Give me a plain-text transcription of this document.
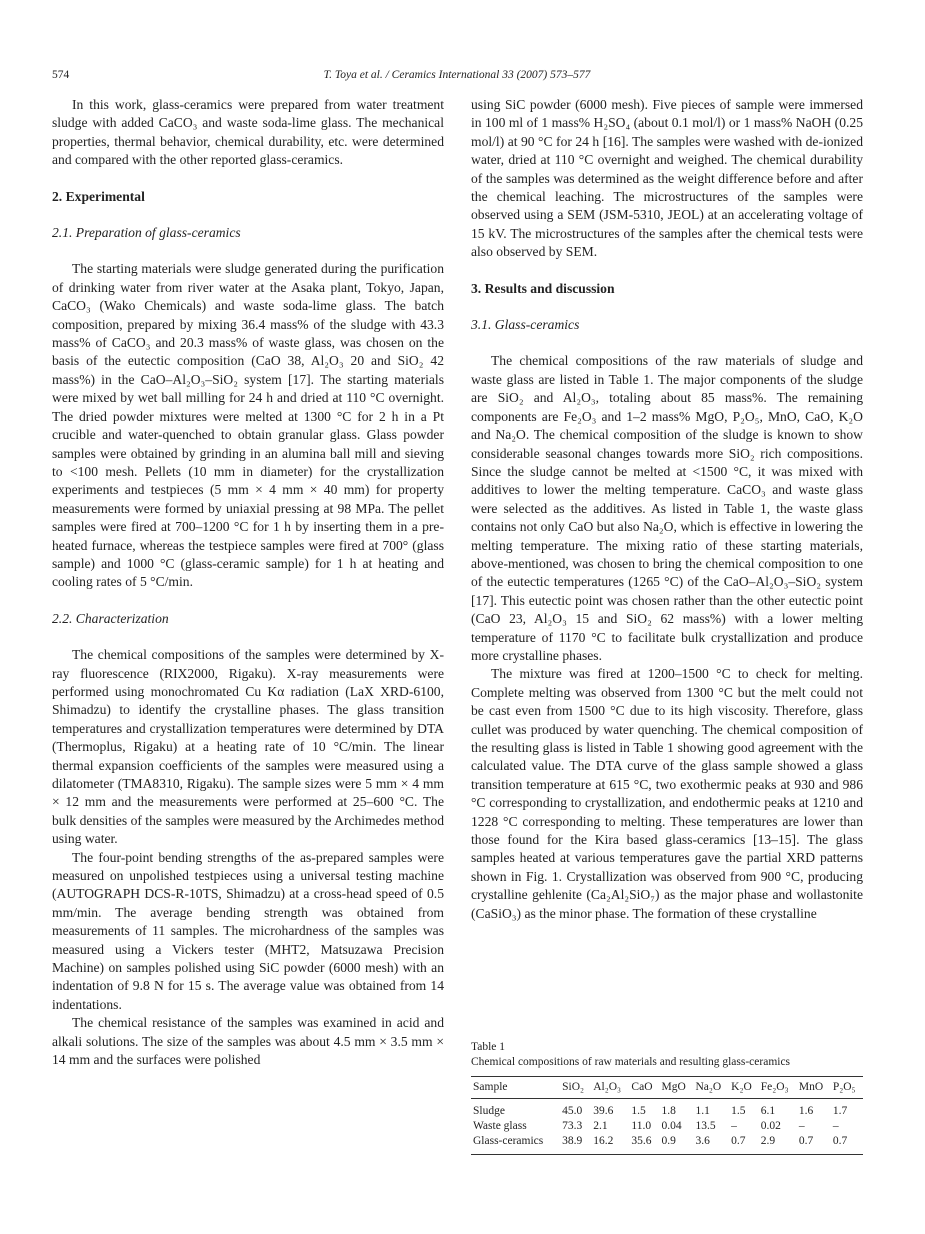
574	T. Toya et al. / Ceramics International 33 (2007) 573–577

In this work, glass-ceramics were prepared from water treatment sludge with added CaCO₃ and waste soda-lime glass. The mechanical properties, thermal behavior, chemical durability, etc. were determined and compared with the other reported glass-ceramics.

2. Experimental
2.1. Preparation of glass-ceramics

The starting materials were sludge generated during the purification of drinking water from river water at the Asaka plant, Tokyo, Japan, CaCO₃ (Wako Chemicals) and waste soda-lime glass. The batch composition, prepared by mixing 36.4 mass% of the sludge with 43.3 mass% of CaCO₃ and 20.3 mass% of waste glass, was chosen on the basis of the eutectic composition (CaO 38, Al₂O₃ 20 and SiO₂ 42 mass%) in the CaO–Al₂O₃–SiO₂ system [17]. The starting materials were mixed by wet ball milling for 24 h and dried at 110 °C overnight. The dried powder mixtures were melted at 1300 °C for 2 h in a Pt crucible and water-quenched to obtain granular glass. Glass powder samples were obtained by grinding in an alumina ball mill and sieving to <100 mesh. Pellets (10 mm in diameter) for the crystallization experiments and testpieces (5 mm × 4 mm × 40 mm) for property measurements were formed by uniaxial pressing at 98 MPa. The pellet samples were fired at 700–1200 °C for 1 h by inserting them in a pre-heated furnace, whereas the testpiece samples were fired at 700° (glass sample) and 1000 °C (glass-ceramic sample) for 1 h at heating and cooling rates of 5 °C/min.

2.2. Characterization

The chemical compositions of the samples were determined by X-ray fluorescence (RIX2000, Rigaku). X-ray measurements were performed using monochromated Cu Kα radiation (LaX XRD-6100, Shimadzu) to identify the crystalline phases. The glass transition temperatures and crystallization temperatures were determined by DTA (Thermoplus, Rigaku) at a heating rate of 10 °C/min. The linear thermal expansion coefficients of the samples were measured using a dilatometer (TMA8310, Rigaku). The sample sizes were 5 mm × 4 mm × 12 mm and the measurements were performed at 25–600 °C. The bulk densities of the samples were measured by the Archimedes method using water.

The four-point bending strengths of the as-prepared samples were measured on unpolished testpieces using a universal testing machine (AUTOGRAPH DCS-R-10TS, Shimadzu) at a cross-head speed of 0.5 mm/min. The average bending strength was obtained from measurements of 11 samples. The microhardness of the samples was measured using a Vickers tester (MHT2, Matsuzawa Precision Machine) on samples polished using SiC powder (6000 mesh) with an indentation of 9.8 N for 15 s. The average value was obtained from 14 indentations.

The chemical resistance of the samples was examined in acid and alkali solutions. The size of the samples was about 4.5 mm × 3.5 mm × 14 mm and the surfaces were polished

using SiC powder (6000 mesh). Five pieces of sample were immersed in 100 ml of 1 mass% H₂SO₄ (about 0.1 mol/l) or 1 mass% NaOH (0.25 mol/l) at 90 °C for 24 h [16]. The samples were washed with de-ionized water, dried at 110 °C overnight and weighed. The chemical durability of the samples was determined as the weight difference before and after the chemical leaching. The microstructures of the samples were observed using a SEM (JSM-5310, JEOL) at an accelerating voltage of 15 kV. The microstructures of the samples after the chemical tests were also observed by SEM.

3. Results and discussion
3.1. Glass-ceramics

The chemical compositions of the raw materials of sludge and waste glass are listed in Table 1. The major components of the sludge are SiO₂ and Al₂O₃, totaling about 85 mass%. The remaining components are Fe₂O₃ and 1–2 mass% MgO, P₂O₅, MnO, CaO, K₂O and Na₂O. The chemical composition of the sludge is known to show considerable seasonal changes towards more SiO₂ rich compositions. Since the sludge cannot be melted at <1500 °C, it was mixed with additives to lower the melting temperature. CaCO₃ and waste glass were selected as the additives. As listed in Table 1, the waste glass contains not only CaO but also Na₂O, which is effective in lowering the melting temperature. The mixing ratio of these starting materials, above-mentioned, was chosen to bring the chemical composition to one of the eutectic temperatures (1265 °C) of the CaO–Al₂O₃–SiO₂ system [17]. This eutectic point was chosen rather than the other eutectic point (CaO 23, Al₂O₃ 15 and SiO₂ 62 mass%) with a lower melting temperature of 1170 °C to facilitate bulk crystallization and produce more crystalline phases.

The mixture was fired at 1200–1500 °C to check for melting. Complete melting was observed from 1300 °C but the melt could not be cast even from 1500 °C due to its high viscosity. Therefore, glass cullet was produced by water quenching. The chemical composition of the resulting glass is listed in Table 1 showing good agreement with the calculated value. The DTA curve of the glass sample showed a glass transition temperature at 615 °C, two exothermic peaks at 930 and 986 °C corresponding to crystallization, and endothermic peaks at 1210 and 1228 °C corresponding to melting. These temperatures are lower than those found for the Kira based glass-ceramics [13–15]. The glass samples heated at various temperatures gave the partial XRD patterns shown in Fig. 1. Crystallization was observed from 900 °C, producing crystalline gehlenite (Ca₂Al₂SiO₇) as the major phase and wollastonite (CaSiO₃) as the minor phase. The formation of these crystalline

Table 1
Chemical compositions of raw materials and resulting glass-ceramics
Sample	SiO₂	Al₂O₃	CaO	MgO	Na₂O	K₂O	Fe₂O₃	MnO	P₂O₅
Sludge	45.0	39.6	1.5	1.8	1.1	1.5	6.1	1.6	1.7
Waste glass	73.3	2.1	11.0	0.04	13.5	–	0.02	–	–
Glass-ceramics	38.9	16.2	35.6	0.9	3.6	0.7	2.9	0.7	0.7
